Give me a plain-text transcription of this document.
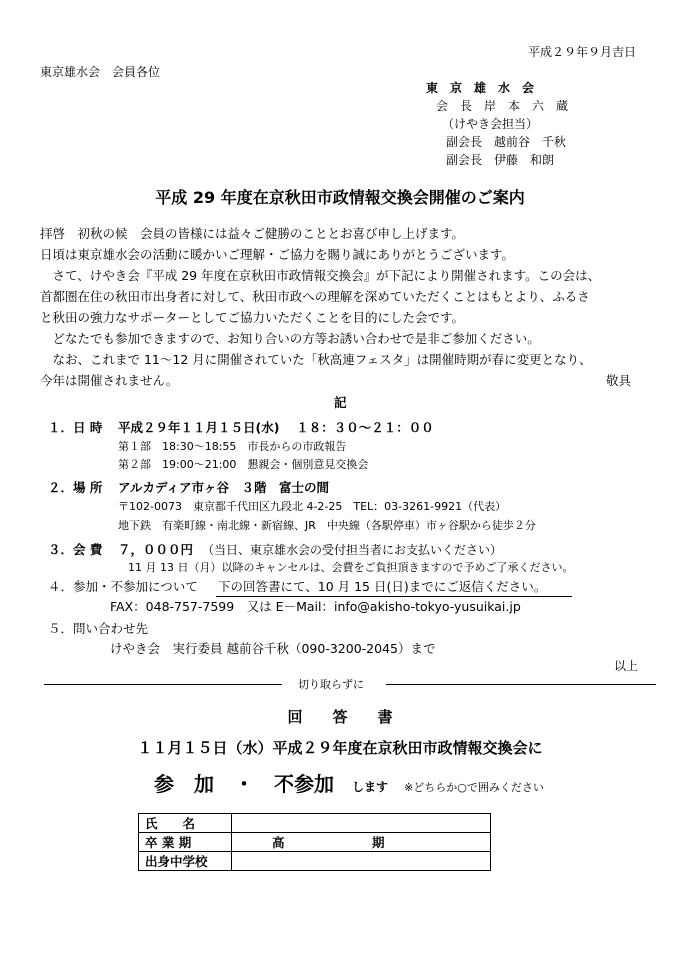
平成２９年９月吉日
東京雄水会　会員各位
東　京　雄　水　会
会　長　岸　本　六　蔵
（けやき会担当）
副会長　越前谷　千秋
副会長　伊藤　和朗
平成 29 年度在京秋田市政情報交換会開催のご案内
拝啓　初秋の候　会員の皆様には益々ご健勝のこととお喜び申し上げます。
日頃は東京雄水会の活動に暖かいご理解・ご協力を賜り誠にありがとうございます。
　さて、けやき会『平成 29 年度在京秋田市政情報交換会』が下記により開催されます。この会は、
首都圏在住の秋田市出身者に対して、秋田市政への理解を深めていただくことはもとより、ふるさ
と秋田の強力なサポーターとしてご協力いただくことを目的にした会です。
　どなたでも参加できますので、お知り合いの方等お誘い合わせで是非ご参加ください。
　なお、これまで 11～12 月に開催されていた「秋高連フェスタ」は開催時期が春に変更となり、
今年は開催されません。	敬具
記
１．日 時 平成２９年１１月１５日(水)　 １８：３０～２１：００
第１部　18:30～18:55　市長からの市政報告
第２部　19:00～21:00　懇親会・個別意見交換会
２．場 所 アルカディア市ヶ谷　３階　富士の間
〒102-0073　東京都千代田区九段北 4-2-25　TEL：03-3261-9921（代表）
地下鉄　有楽町線・南北線・新宿線、JR　中央線（各駅停車）市ヶ谷駅から徒歩２分
３．会 費 ７，０００円 （当日、東京雄水会の受付担当者にお支払いください）
11 月 13 日（月）以降のキャンセルは、会費をご負担頂きますので予めご了承ください。
４．参加・不参加について 下の回答書にて、10 月 15 日(日)までにご返信ください。
FAX：048-757-7599　又は E－Mail：info@akisho-tokyo-yusuikai.jp
５．問い合わせ先
けやき会　実行委員 越前谷千秋（090-3200-2045）まで
以上
切り取らずに
回　　答　　書
１１月１５日（水）平成２９年度在京秋田市政情報交換会に
参　加　・　不参加 します ※どちらか○で囲みください
氏　　名	
卒 業 期	高　　　　　　　期
出身中学校	
